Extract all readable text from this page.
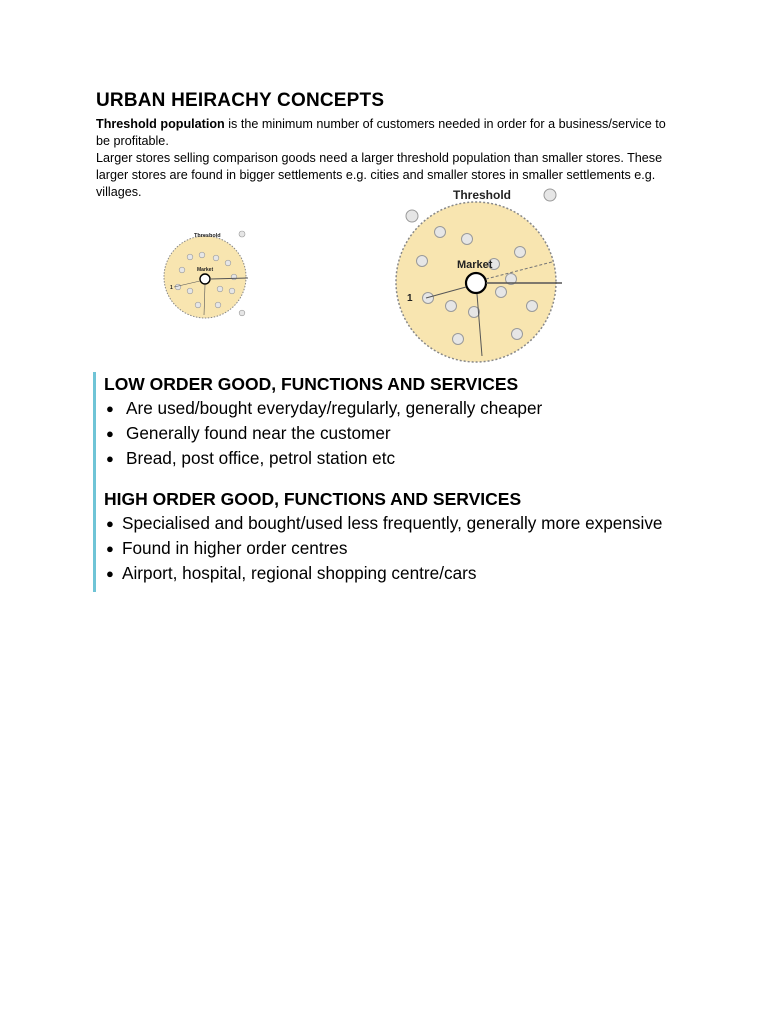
URBAN HEIRACHY CONCEPTS

Threshold population is the minimum number of customers needed in order for a business/service to be profitable.

Larger stores selling comparison goods need a larger threshold population than smaller stores. These larger stores are found in bigger settlements e.g. cities and smaller stores in smaller settlements e.g. villages.

Threshold
Market
1
Threshold
Market
1
LOW ORDER GOOD, FUNCTIONS AND SERVICES
● Are used/bought everyday/regularly, generally cheaper
● Generally found near the customer
● Bread, post office, petrol station etc
HIGH ORDER GOOD, FUNCTIONS AND SERVICES
● Specialised and bought/used less frequently, generally more expensive
● Found in higher order centres
● Airport, hospital, regional shopping centre/cars
